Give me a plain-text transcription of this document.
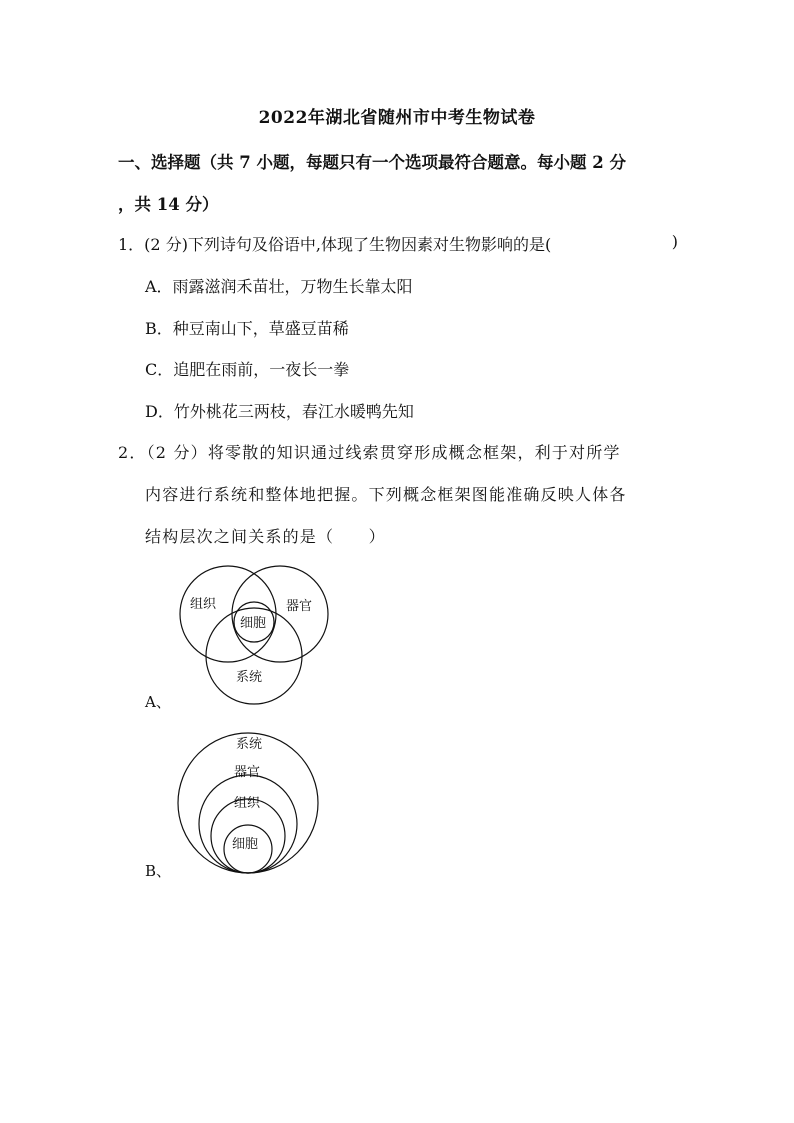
2022年湖北省随州市中考生物试卷
一、选择题（共 7 小题，每题只有一个选项最符合题意。每小题 2 分
，共 14 分）
1．(2 分)下列诗句及俗语中,体现了生物因素对生物影响的是(	)
A．雨露滋润禾苗壮，万物生长靠太阳
B．种豆南山下，草盛豆苗稀
C．追肥在雨前，一夜长一拳
D．竹外桃花三两枝，春江水暖鸭先知
2．（2 分）将零散的知识通过线索贯穿形成概念框架，利于对所学
内容进行系统和整体地把握。下列概念框架图能准确反映人体各
结构层次之间关系的是（　　）
组织	器官
细胞
系统
A、
系统
器官
组织
细胞
B、
